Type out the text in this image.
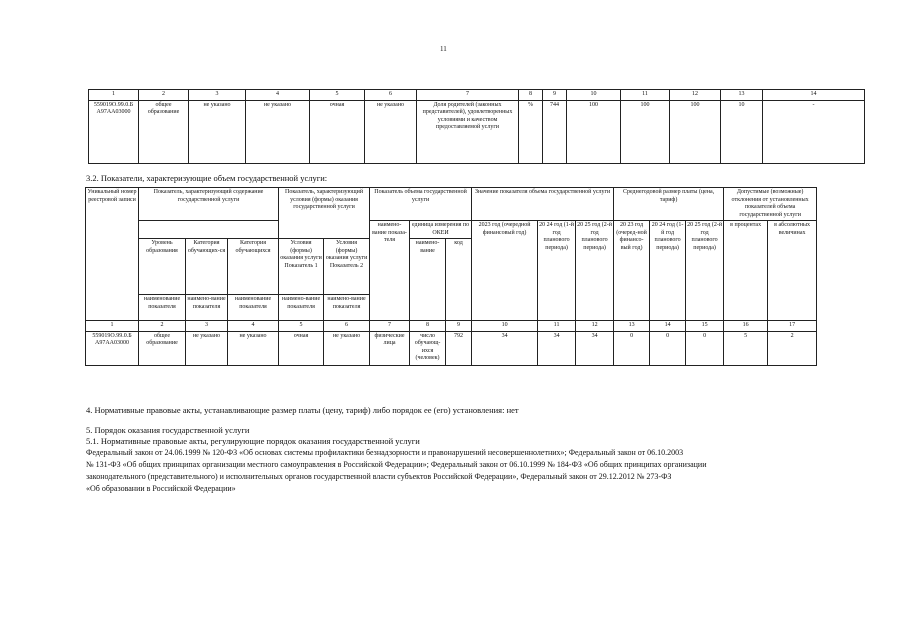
11
1	2	3	4	5	6	7	8	9	10	11	12	13	14
559019О.99.0.Б А97АА03000	общее образование	не указано	не указано	очная	не указано	Доля родителей (законных представителей), удовлетворенных условиями и качеством предоставляемой услуги	%	744	100	100	100	10	-
3.2. Показатели, характеризующие объем государственной услуги:
Уникальный номер реестровой записи	Показатель, характеризующий содержание государственной услуги			Показатель, характеризующий условия (формы) оказания государственной услуги		Показатель объема государственной услуги			Значение показателя объема государственной услуги			Среднегодовой размер платы (цена, тариф)			Допустимые (возможные) отклонения от установленных показателей объема государственной услуги	
						наимено-вание показа-теля	единица измерения по ОКЕИ		2023 год (очередной финансовый год)	20 24 год (1-й год планового периода)	20 25 год (2-й год планового периода)	20 23 год (очеред-ной финансо-вый год)	20 24 год (1-й год планового периода)	20 25 год (2-й год планового периода)	в процентах	в абсолютных величинах
	Уровень образования	Категория обучающих-ся	Категория обучающихся	Условия (формы) оказания услуги Показатель 1	Условия (формы) оказания услуги Показатель 2		наимено-вание	код								
	наименование показателя	наимено-вание показателя	наименование показателя	наимено-вание показателя	наимено-вание показателя											
1	2	3	4	5	6	7	8	9	10	11	12	13	14	15	16	17
559019О.99.0.Б А97АА03000	общее образование	не указано	не указано	очная	не указано	физические лица	число обучающ-ихся (человек)	792	34	34	34	0	0	0	5	2
4. Нормативные правовые акты, устанавливающие размер платы (цену, тариф) либо порядок ее (его) установления: нет
5. Порядок оказания государственной услуги
5.1. Нормативные правовые акты, регулирующие порядок оказания государственной услуги
Федеральный закон от 24.06.1999 № 120-ФЗ «Об основах системы профилактики безнадзорности и правонарушений несовершеннолетних»; Федеральный закон от 06.10.2003
№ 131-ФЗ «Об общих принципах организации местного самоуправления в Российской Федерации»; Федеральный закон от 06.10.1999 № 184-ФЗ «Об общих принципах организации
законодательного (представительного) и исполнительных органов государственной власти субъектов Российской Федерации», Федеральный закон от 29.12.2012 № 273-ФЗ
«Об образовании в Российской Федерации»
